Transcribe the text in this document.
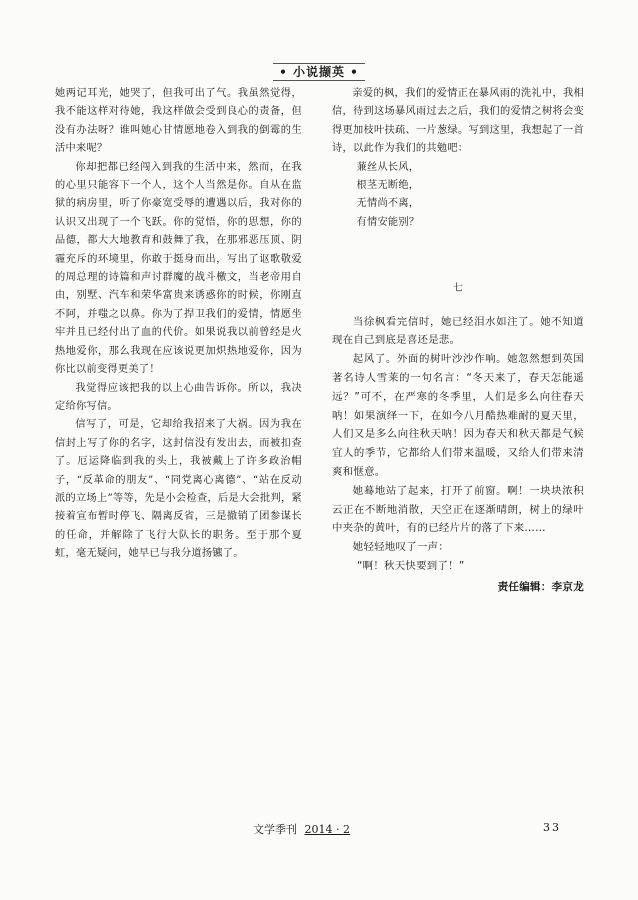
• 小说撷英 •

她两记耳光，她哭了，但我可出了气。我虽然觉得，我不能这样对待她，我这样做会受到良心的责备，但没有办法呀？谁叫她心甘情愿地卷入到我的倒霉的生活中来呢？

你却把都已经闯入到我的生活中来，然而，在我的心里只能容下一个人，这个人当然是你。自从在监狱的病房里，听了你豪宽受辱的遭遇以后，我对你的认识又出现了一个飞跃。你的觉悟，你的思想，你的品德，都大大地教育和鼓舞了我，在那邪恶压顶、阴霾充斥的环境里，你敢于挺身而出，写出了讴歌敬爱的周总理的诗篇和声讨群魔的战斗檄文，当老帝用自由，别墅、汽车和荣华富贵来诱惑你的时候，你刚直不阿，并嗤之以鼻。你为了捍卫我们的爱情，情愿坐牢并且已经付出了血的代价。如果说我以前曾经是火热地爱你，那么我现在应该说更加炽热地爱你，因为你比以前变得更美了！

我觉得应该把我的以上心曲告诉你。所以，我决定给你写信。

信写了，可是，它却给我招来了大祸。因为我在信封上写了你的名字，这封信没有发出去，而被扣查了。厄运降临到我的头上，我被戴上了许多政治帽子，“反革命的朋友”、“同党离心离德”、“站在反动派的立场上”等等，先是小会检查，后是大会批判，紧接着宣布暂时停飞、隔离反省，三是撤销了团参谋长的任命，并解除了飞行大队长的职务。至于那个夏虹，毫无疑问，她早已与我分道扬镳了。

亲爱的枫，我们的爱情正在暴风雨的洗礼中，我相信，待到这场暴风雨过去之后，我们的爱情之树将会变得更加枝叶扶疏、一片葱绿。写到这里，我想起了一首诗，以此作为我们的共勉吧：

蒹丝从长风，
根茎无断绝，
无情尚不离，
有情安能别？
七

当徐枫看完信时，她已经泪水如注了。她不知道现在自己到底是喜还是悲。

起风了。外面的树叶沙沙作响。她忽然想到英国著名诗人雪莱的一句名言：“冬天来了，春天怎能遥远？”可不，在严寒的冬季里，人们是多么向往春天呐！如果演绎一下，在如今八月酷热难耐的夏天里，人们又是多么向往秋天呐！因为春天和秋天都是气候宜人的季节，它都给人们带来温暖，又给人们带来清爽和惬意。

她蓦地站了起来，打开了前窗。啊！一块块浓积云正在不断地消散，天空正在逐渐晴朗，树上的绿叶中夹杂的黄叶，有的已经片片的落了下来……

她轻轻地叹了一声：

“啊！秋天快要到了！”

责任编辑：李京龙
文学季刊 2014 · 2	33
